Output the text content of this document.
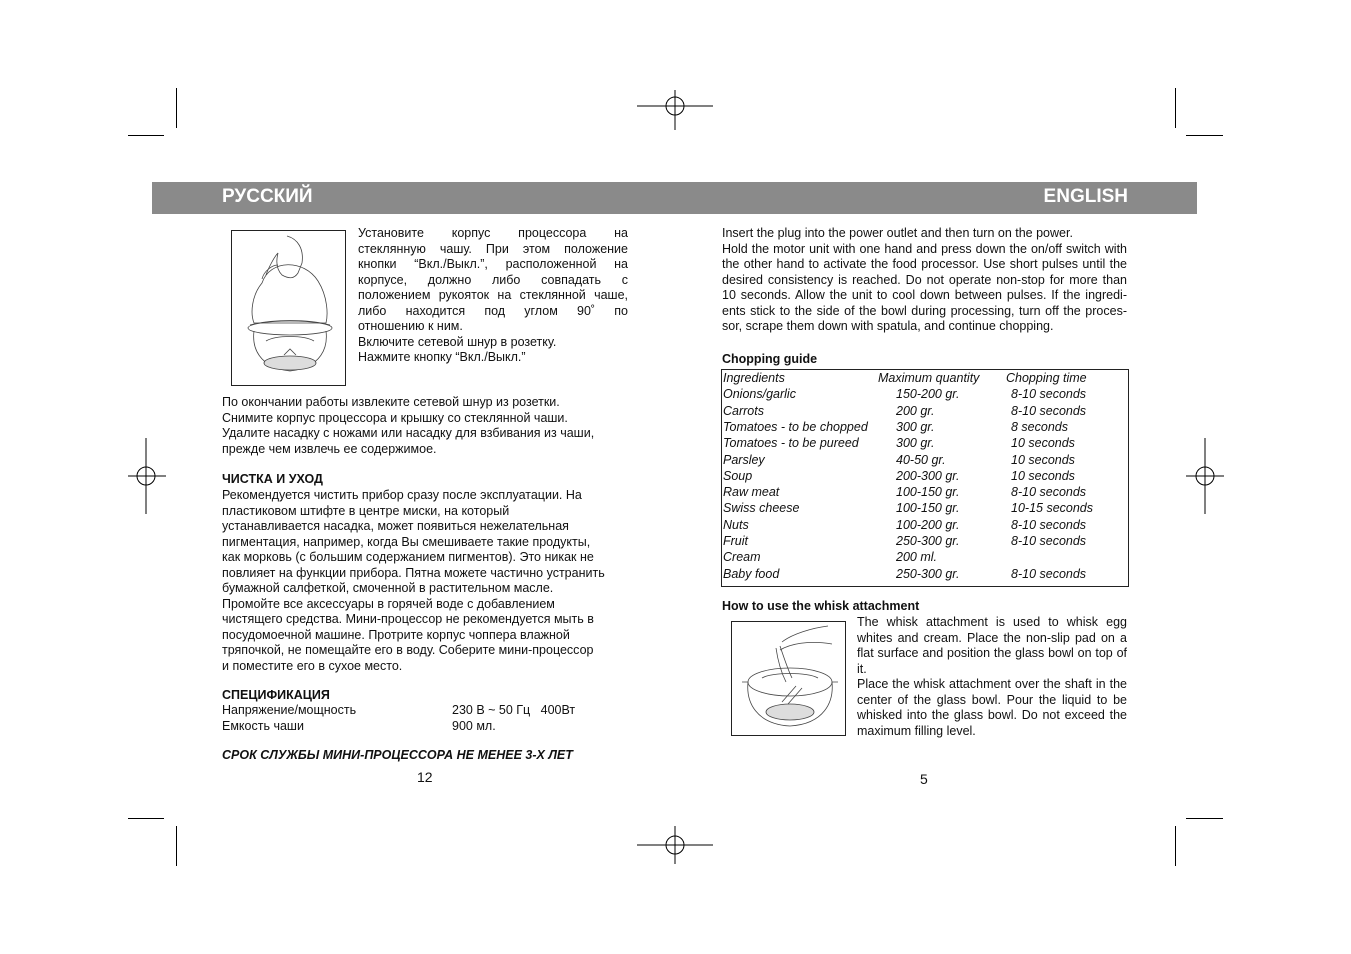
РУССКИЙ	ENGLISH

Установите корпус процессора на

стеклянную чашу. При этом положение

кнопки “Вкл./Выкл.”, расположенной на

корпусе, должно либо совпадать с

положением рукояток на стеклянной чаше,

либо находится под углом 90˚ по

отношению к ним.

Включите сетевой шнур в розетку.

Нажмите кнопку “Вкл./Выкл.”

По окончании работы извлеките сетевой шнур из розетки.

Снимите корпус процессора и крышку со стеклянной чаши.

Удалите насадку с ножами или насадку для взбивания из чаши,

прежде чем извлечь ее содержимое.

ЧИСТКА И УХОД

Рекомендуется чистить прибор сразу после эксплуатации. На

пластиковом штифте в центре миски, на который

устанавливается насадка, может появиться нежелательная

пигментация, например, когда Вы смешиваете такие продукты,

как морковь (с большим содержанием пигментов). Это никак не

повлияет на функции прибора. Пятна можете частично устранить

бумажной салфеткой, смоченной в растительном масле.

Промойте все аксессуары в горячей воде с добавлением

чистящего средства. Мини-процессор не рекомендуется мыть в

посудомоечной машине. Протрите корпус чоппера влажной

тряпочкой, не помещайте его в воду. Соберите мини-процессор

и поместите его в сухое место.

СПЕЦИФИКАЦИЯ
Напряжение/мощность	230 В ~ 50 Гц   400Вт
Емкость чаши	900 мл.
СРОК СЛУЖБЫ МИНИ-ПРОЦЕССОРА НЕ МЕНЕЕ 3-Х ЛЕТ
12

Insert the plug into the power outlet and then turn on the power.

Hold the motor unit with one hand and press down the on/off switch with

the other hand to activate the food processor. Use short pulses until the

desired consistency is reached. Do not operate non-stop for more than

10 seconds. Allow the unit to cool down between pulses. If the ingredi-

ents stick to the side of the bowl during processing, turn off the proces-

sor, scrape them down with spatula, and continue chopping.

Chopping guide
Ingredients	Maximum quantity Chopping time
Onions/garlic	150-200 gr.	8-10 seconds
Carrots	200 gr.	8-10 seconds
Tomatoes - to be chopped 300 gr.	8 seconds
Tomatoes - to be pureed	300 gr.	10 seconds
Parsley	40-50 gr.	10 seconds
Soup	200-300 gr.	10 seconds
Raw meat	100-150 gr.	8-10 seconds
Swiss cheese	100-150 gr.	10-15 seconds
Nuts	100-200 gr.	8-10 seconds
Fruit	250-300 gr.	8-10 seconds
Cream	200 ml.
Baby food	250-300 gr.	8-10 seconds
How to use the whisk attachment

The whisk attachment is used to whisk egg

whites and cream. Place the non-slip pad on a

flat surface and position the glass bowl on top of

it.

Place the whisk attachment over the shaft in the

center of the glass bowl. Pour the liquid to be

whisked into the glass bowl. Do not exceed the

maximum filling level.

5
